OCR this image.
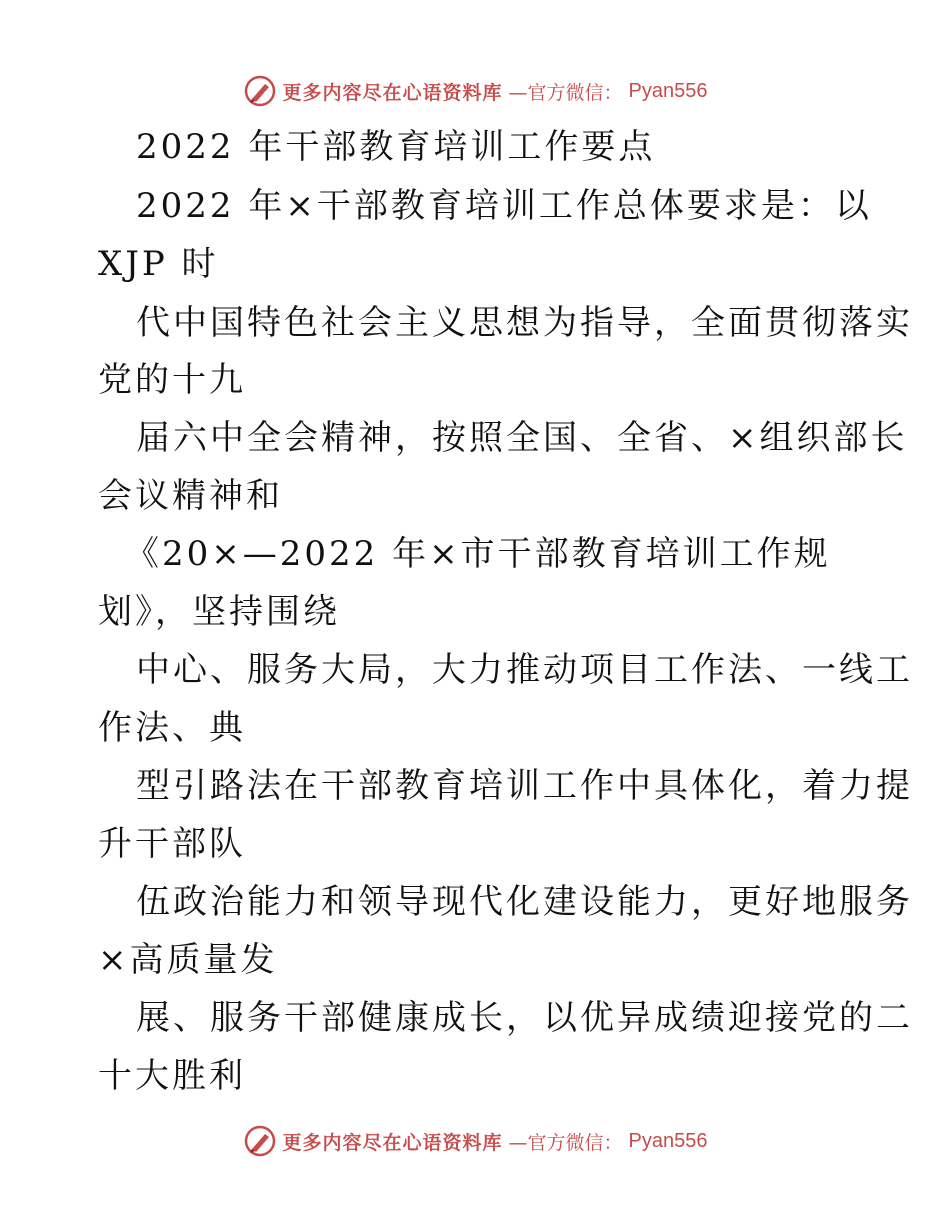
更多内容尽在心语资料库 —官方微信： Pyan556
2022 年干部教育培训工作要点
2022 年×干部教育培训工作总体要求是：以
XJP 时
代中国特色社会主义思想为指导，全面贯彻落实
党的十九
届六中全会精神，按照全国、全省、×组织部长
会议精神和
《20×—2022 年×市干部教育培训工作规
划》，坚持围绕
中心、服务大局，大力推动项目工作法、一线工
作法、典
型引路法在干部教育培训工作中具体化，着力提
升干部队
伍政治能力和领导现代化建设能力，更好地服务
×高质量发
展、服务干部健康成长，以优异成绩迎接党的二
十大胜利
更多内容尽在心语资料库 —官方微信： Pyan556
